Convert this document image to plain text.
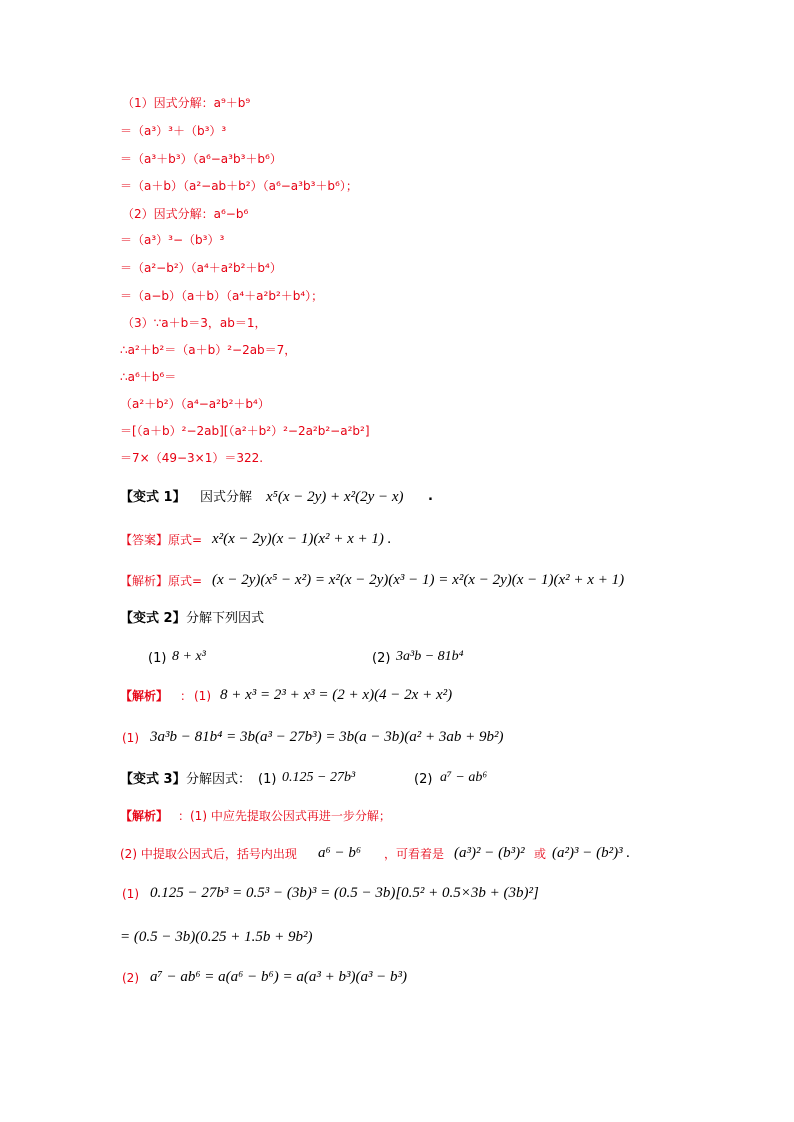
（1）因式分解：a⁹＋b⁹
＝（a³）³＋（b³）³
＝（a³＋b³）（a⁶−a³b³＋b⁶）
＝（a＋b）（a²−ab＋b²）（a⁶−a³b³＋b⁶）；
（2）因式分解：a⁶−b⁶
＝（a³）³−（b³）³
＝（a²−b²）（a⁴＋a²b²＋b⁴）
＝（a−b）（a＋b）（a⁴＋a²b²＋b⁴）；
（3）∵a＋b＝3，ab＝1，
∴a²＋b²＝（a＋b）²−2ab＝7，
∴a⁶＋b⁶＝
（a²＋b²）（a⁴−a²b²＋b⁴）
＝[（a＋b）²−2ab][（a²＋b²）²−2a²b²−a²b²]
＝7×（49−3×1）＝322.
【变式 1】 因式分解 x⁵(x − 2y) + x²(2y − x) .
【答案】原式= x²(x − 2y)(x − 1)(x² + x + 1) .
【解析】原式= (x − 2y)(x⁵ − x²) = x²(x − 2y)(x³ − 1) = x²(x − 2y)(x − 1)(x² + x + 1)
【变式 2】 分解下列因式
(1) 8 + x³	(2) 3a³b − 81b⁴
【解析】 ： (1) 8 + x³ = 2³ + x³ = (2 + x)(4 − 2x + x²)
(1) 3a³b − 81b⁴ = 3b(a³ − 27b³) = 3b(a − 3b)(a² + 3ab + 9b²)
【变式 3】 分解因式： (1) 0.125 − 27b³	(2) a⁷ − ab⁶
【解析】 ：(1) 中应先提取公因式再进一步分解；
(2) 中提取公因式后，括号内出现 a⁶ − b⁶ ，可看着是 (a³)² − (b³)² 或 (a²)³ − (b²)³ .
(1) 0.125 − 27b³ = 0.5³ − (3b)³ = (0.5 − 3b)[0.5² + 0.5×3b + (3b)²]
= (0.5 − 3b)(0.25 + 1.5b + 9b²)
(2) a⁷ − ab⁶ = a(a⁶ − b⁶) = a(a³ + b³)(a³ − b³)
